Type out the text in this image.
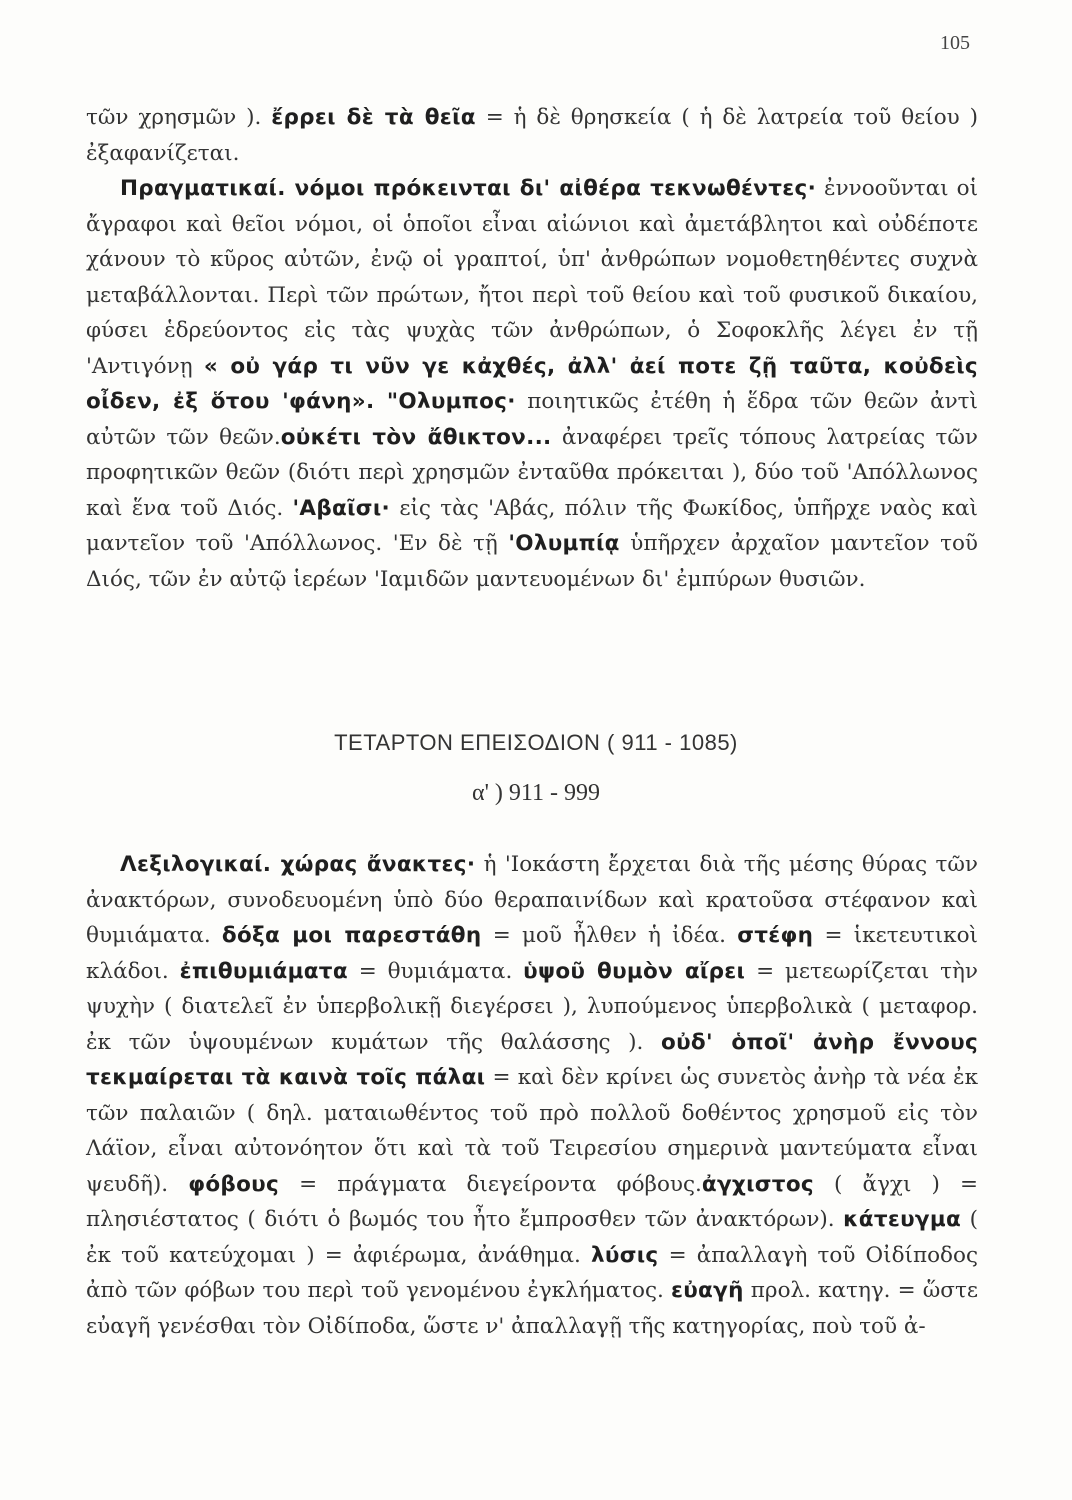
105

τῶν χρησμῶν ). ἔρρει δὲ τὰ θεῖα = ἡ δὲ θρησκεία ( ἡ δὲ λατρεία τοῦ θείου ) ἐξαφανίζεται.

Πραγματικαί. νόμοι πρόκεινται δι' αἰθέρα τεκνωθέντες· ἐννοοῦνται οἱ ἄγραφοι καὶ θεῖοι νόμοι, οἱ ὁποῖοι εἶναι αἰώνιοι καὶ ἀμετάβλητοι καὶ οὐδέποτε χάνουν τὸ κῦρος αὐτῶν, ἐνῷ οἱ γραπτοί, ὑπ' ἀνθρώπων νομοθετηθέντες συχνὰ μεταβάλλονται. Περὶ τῶν πρώτων, ἤτοι περὶ τοῦ θείου καὶ τοῦ φυσικοῦ δικαίου, φύσει ἑδρεύοντος εἰς τὰς ψυχὰς τῶν ἀνθρώπων, ὁ Σοφοκλῆς λέγει ἐν τῇ 'Αντιγόνῃ « οὐ γάρ τι νῦν γε κἀχθές, ἀλλ' ἀεί ποτε ζῇ ταῦτα, κοὐδεὶς οἶδεν, ἐξ ὅτου 'φάνη». "Ολυμπος· ποιητικῶς ἐτέθη ἡ ἕδρα τῶν θεῶν ἀντὶ αὐτῶν τῶν θεῶν.οὐκέτι τὸν ἄθικτον... ἀναφέρει τρεῖς τόπους λατρείας τῶν προφητικῶν θεῶν (διότι περὶ χρησμῶν ἐνταῦθα πρόκειται ), δύο τοῦ 'Απόλλωνος καὶ ἕνα τοῦ Διός. 'Αβαῖσι· εἰς τὰς 'Αβάς, πόλιν τῆς Φωκίδος, ὑπῆρχε ναὸς καὶ μαντεῖον τοῦ 'Απόλλωνος. 'Εν δὲ τῇ 'Ολυμπίᾳ ὑπῆρχεν ἀρχαῖον μαντεῖον τοῦ Διός, τῶν ἐν αὐτῷ ἱερέων 'Ιαμιδῶν μαντευομένων δι' ἐμπύρων θυσιῶν.

ΤΕΤΑΡΤΟΝ ΕΠΕΙΣΟΔΙΟΝ ( 911 - 1085)
α' ) 911 - 999

Λεξιλογικαί. χώρας ἄνακτες· ἡ 'Ιοκάστη ἔρχεται διὰ τῆς μέσης θύρας τῶν ἀνακτόρων, συνοδευομένη ὑπὸ δύο θεραπαινίδων καὶ κρατοῦσα στέφανον καὶ θυμιάματα. δόξα μοι παρεστάθη = μοῦ ἦλθεν ἡ ἰδέα. στέφη = ἱκετευτικοὶ κλάδοι. ἐπιθυμιάματα = θυμιάματα. ὑψοῦ θυμὸν αἴρει = μετεωρίζεται τὴν ψυχὴν ( διατελεῖ ἐν ὑπερβολικῇ διεγέρσει ), λυπούμενος ὑπερβολικὰ ( μεταφορ. ἐκ τῶν ὑψουμένων κυμάτων τῆς θαλάσσης ). οὐδ' ὁποῖ' ἀνὴρ ἔννους τεκμαίρεται τὰ καινὰ τοῖς πάλαι = καὶ δὲν κρίνει ὡς συνετὸς ἀνὴρ τὰ νέα ἐκ τῶν παλαιῶν ( δηλ. ματαιωθέντος τοῦ πρὸ πολλοῦ δοθέντος χρησμοῦ εἰς τὸν Λάϊον, εἶναι αὐτονόητον ὅτι καὶ τὰ τοῦ Τειρεσίου σημερινὰ μαντεύματα εἶναι ψευδῆ). φόβους = πράγματα διεγείροντα φόβους.ἀγχιστος ( ἄγχι ) = πλησιέστατος ( διότι ὁ βωμός του ἦτο ἔμπροσθεν τῶν ἀνακτόρων). κάτευγμα ( ἐκ τοῦ κατεύχομαι ) = ἀφιέρωμα, ἀνάθημα. λύσις = ἀπαλλαγὴ τοῦ Οἰδίποδος ἀπὸ τῶν φόβων του περὶ τοῦ γενομένου ἐγκλήματος. εὐαγῆ προλ. κατηγ. = ὥστε εὐαγῆ γενέσθαι τὸν Οἰδίποδα, ὥστε ν' ἀπαλλαγῇ τῆς κατηγορίας, ποὺ τοῦ ἀ-
